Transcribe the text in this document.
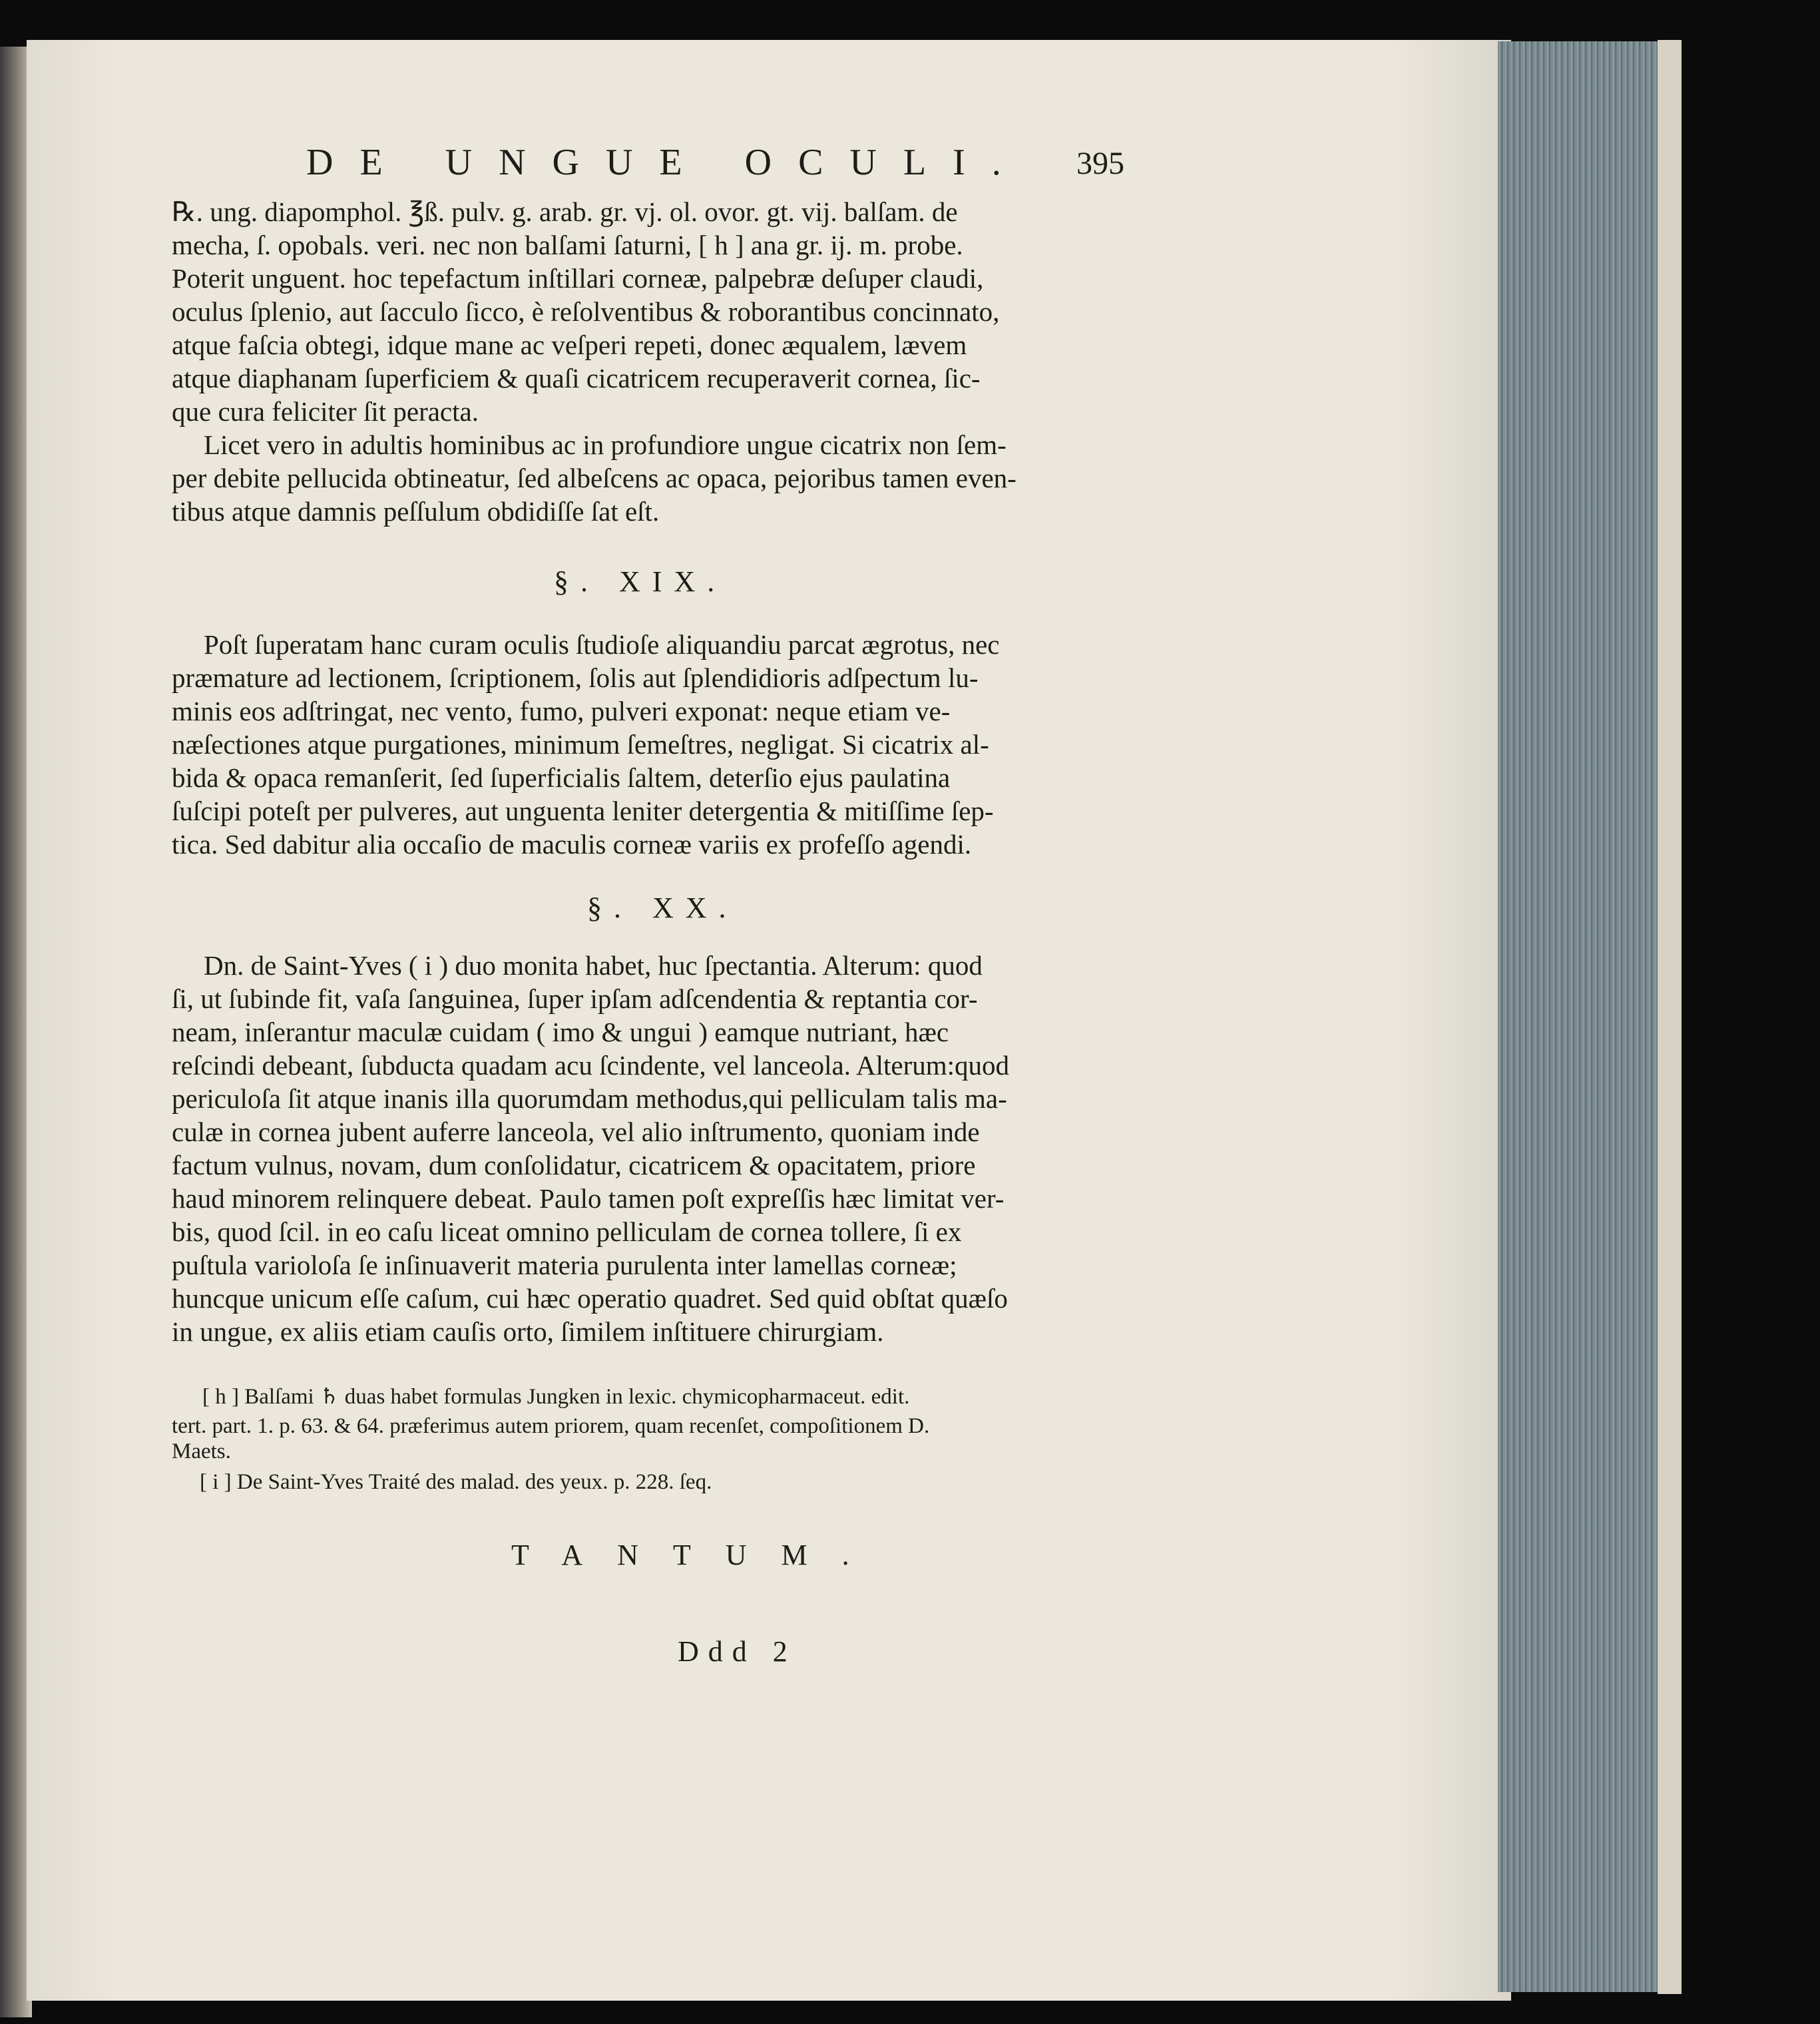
DE UNGUE OCULI.	395
℞. ung. diapomphol. ℥ß. pulv. g. arab. gr. vj. ol. ovor. gt. vij. balſam. de
mecha, ſ. opobals. veri. nec non balſami ſaturni, [ h ] ana gr. ij. m. probe.
Poterit unguent. hoc tepefactum inſtillari corneæ, palpebræ deſuper claudi,
oculus ſplenio, aut ſacculo ſicco, è reſolventibus & roborantibus concinnato,
atque faſcia obtegi, idque mane ac veſperi repeti, donec æqualem, lævem
atque diaphanam ſuperficiem & quaſi cicatricem recuperaverit cornea, ſic-
que cura feliciter ſit peracta.
Licet vero in adultis hominibus ac in profundiore ungue cicatrix non ſem-
per debite pellucida obtineatur, ſed albeſcens ac opaca, pejoribus tamen even-
tibus atque damnis peſſulum obdidiſſe ſat eſt.
§. XIX.
Poſt ſuperatam hanc curam oculis ſtudioſe aliquandiu parcat ægrotus, nec
præmature ad lectionem, ſcriptionem, ſolis aut ſplendidioris adſpectum lu-
minis eos adſtringat, nec vento, fumo, pulveri exponat: neque etiam ve-
næſectiones atque purgationes, minimum ſemeſtres, negligat. Si cicatrix al-
bida & opaca remanſerit, ſed ſuperficialis ſaltem, deterſio ejus paulatina
ſuſcipi poteſt per pulveres, aut unguenta leniter detergentia & mitiſſime ſep-
tica. Sed dabitur alia occaſio de maculis corneæ variis ex profeſſo agendi.
§. XX.
Dn. de Saint-Yves ( i ) duo monita habet, huc ſpectantia. Alterum: quod
ſi, ut ſubinde fit, vaſa ſanguinea, ſuper ipſam adſcendentia & reptantia cor-
neam, inſerantur maculæ cuidam ( imo & ungui ) eamque nutriant, hæc
reſcindi debeant, ſubducta quadam acu ſcindente, vel lanceola. Alterum:quod
periculoſa ſit atque inanis illa quorumdam methodus,qui pelliculam talis ma-
culæ in cornea jubent auferre lanceola, vel alio inſtrumento, quoniam inde
factum vulnus, novam, dum conſolidatur, cicatricem & opacitatem, priore
haud minorem relinquere debeat. Paulo tamen poſt expreſſis hæc limitat ver-
bis, quod ſcil. in eo caſu liceat omnino pelliculam de cornea tollere, ſi ex
puſtula varioloſa ſe inſinuaverit materia purulenta inter lamellas corneæ;
huncque unicum eſſe caſum, cui hæc operatio quadret. Sed quid obſtat quæſo
in ungue, ex aliis etiam cauſis orto, ſimilem inſtituere chirurgiam.
[ h ] Balſami ♄ duas habet formulas Jungken in lexic. chymicopharmaceut. edit.
tert. part. 1. p. 63. & 64. præferimus autem priorem, quam recenſet, compoſitionem D.
Maets.
[ i ] De Saint-Yves Traité des malad. des yeux. p. 228. ſeq.
TANTUM.
Ddd 2
